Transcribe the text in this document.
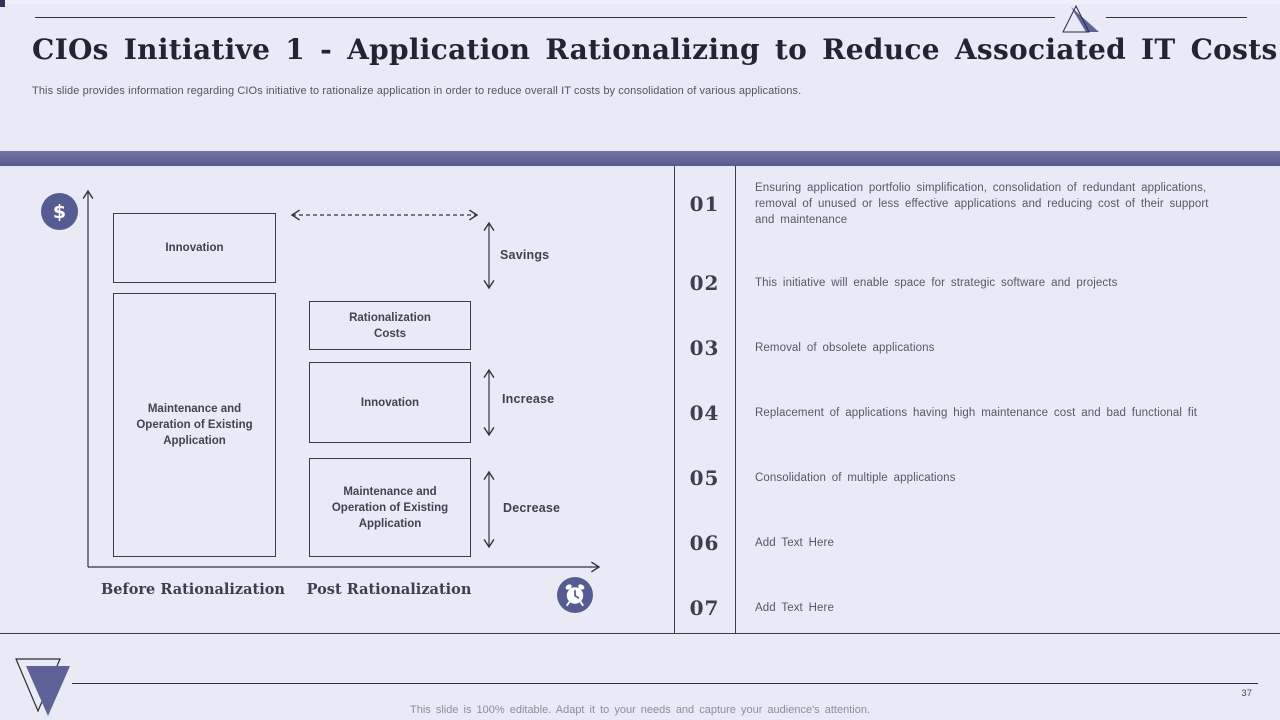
CIOs Initiative 1 - Application Rationalizing to Reduce Associated IT Costs
This slide provides information regarding CIOs initiative to rationalize application in order to reduce overall IT costs by consolidation of various applications.
$
Innovation
Maintenance and Operation of Existing Application
Rationalization Costs
Innovation
Maintenance and Operation of Existing Application
Savings
Increase
Decrease
Before Rationalization	Post Rationalization
01
Ensuring application portfolio simplification, consolidation of redundant applications, removal of unused or less effective applications and reducing cost of their support and maintenance
02	This initiative will enable space for strategic software and projects
03	Removal of obsolete applications
04	Replacement of applications having high maintenance cost and bad functional fit
05	Consolidation of multiple applications
06	Add Text Here
07	Add Text Here
This slide is 100% editable. Adapt it to your needs and capture your audience's attention.
37
